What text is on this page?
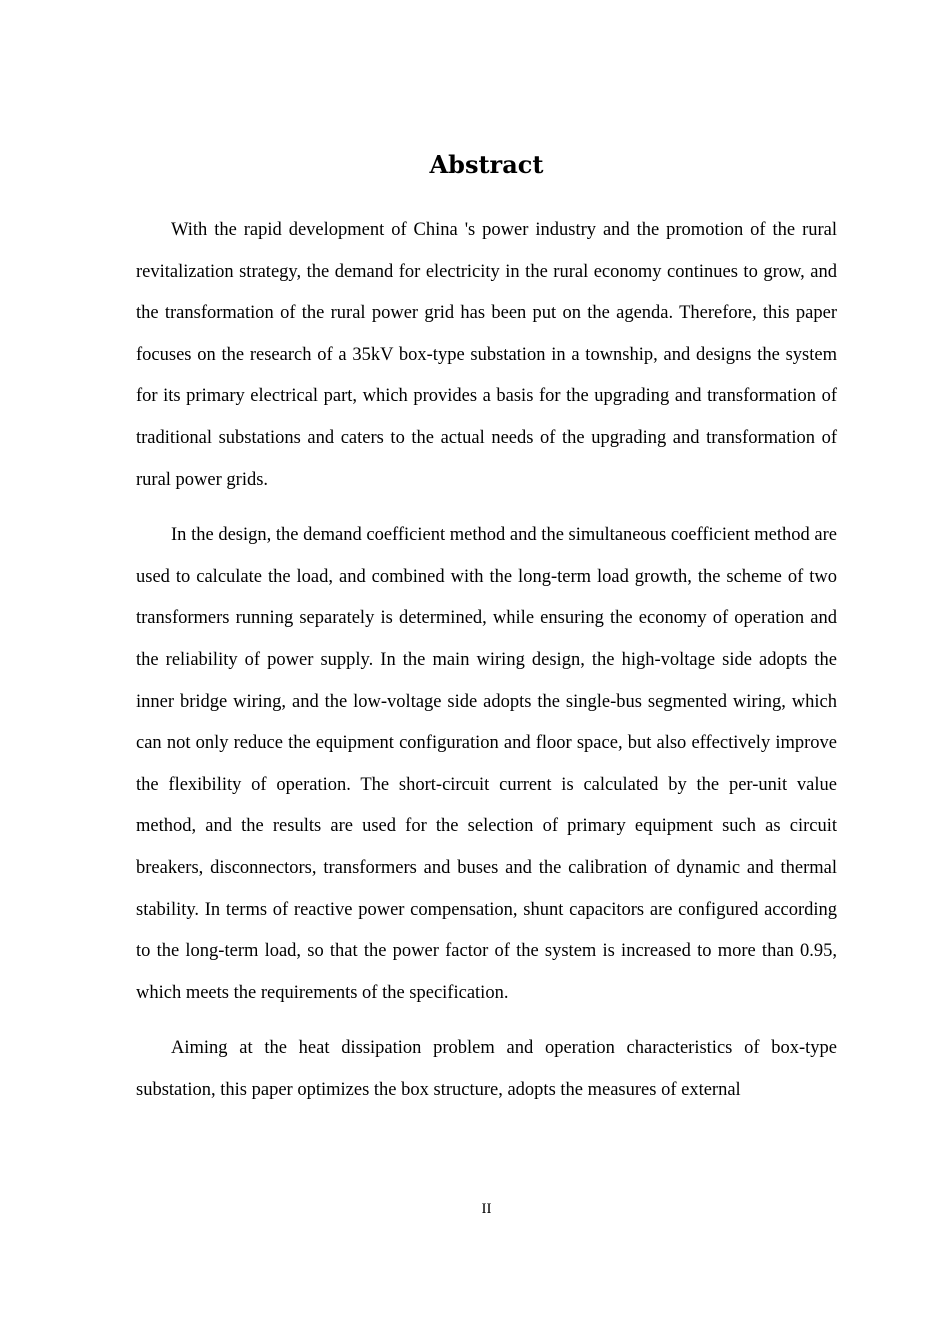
Abstract

With the rapid development of China 's power industry and the promotion of the rural revitalization strategy, the demand for electricity in the rural economy continues to grow, and the transformation of the rural power grid has been put on the agenda. Therefore, this paper focuses on the research of a 35kV box-type substation in a township, and designs the system for its primary electrical part, which provides a basis for the upgrading and transformation of traditional substations and caters to the actual needs of the upgrading and transformation of rural power grids.

In the design, the demand coefficient method and the simultaneous coefficient method are used to calculate the load, and combined with the long-term load growth, the scheme of two transformers running separately is determined, while ensuring the economy of operation and the reliability of power supply. In the main wiring design, the high-voltage side adopts the inner bridge wiring, and the low-voltage side adopts the single-bus segmented wiring, which can not only reduce the equipment configuration and floor space, but also effectively improve the flexibility of operation. The short-circuit current is calculated by the per-unit value method, and the results are used for the selection of primary equipment such as circuit breakers, disconnectors, transformers and buses and the calibration of dynamic and thermal stability. In terms of reactive power compensation, shunt capacitors are configured according to the long-term load, so that the power factor of the system is increased to more than 0.95, which meets the requirements of the specification.

Aiming at the heat dissipation problem and operation characteristics of box-type substation, this paper optimizes the box structure, adopts the measures of external

II
